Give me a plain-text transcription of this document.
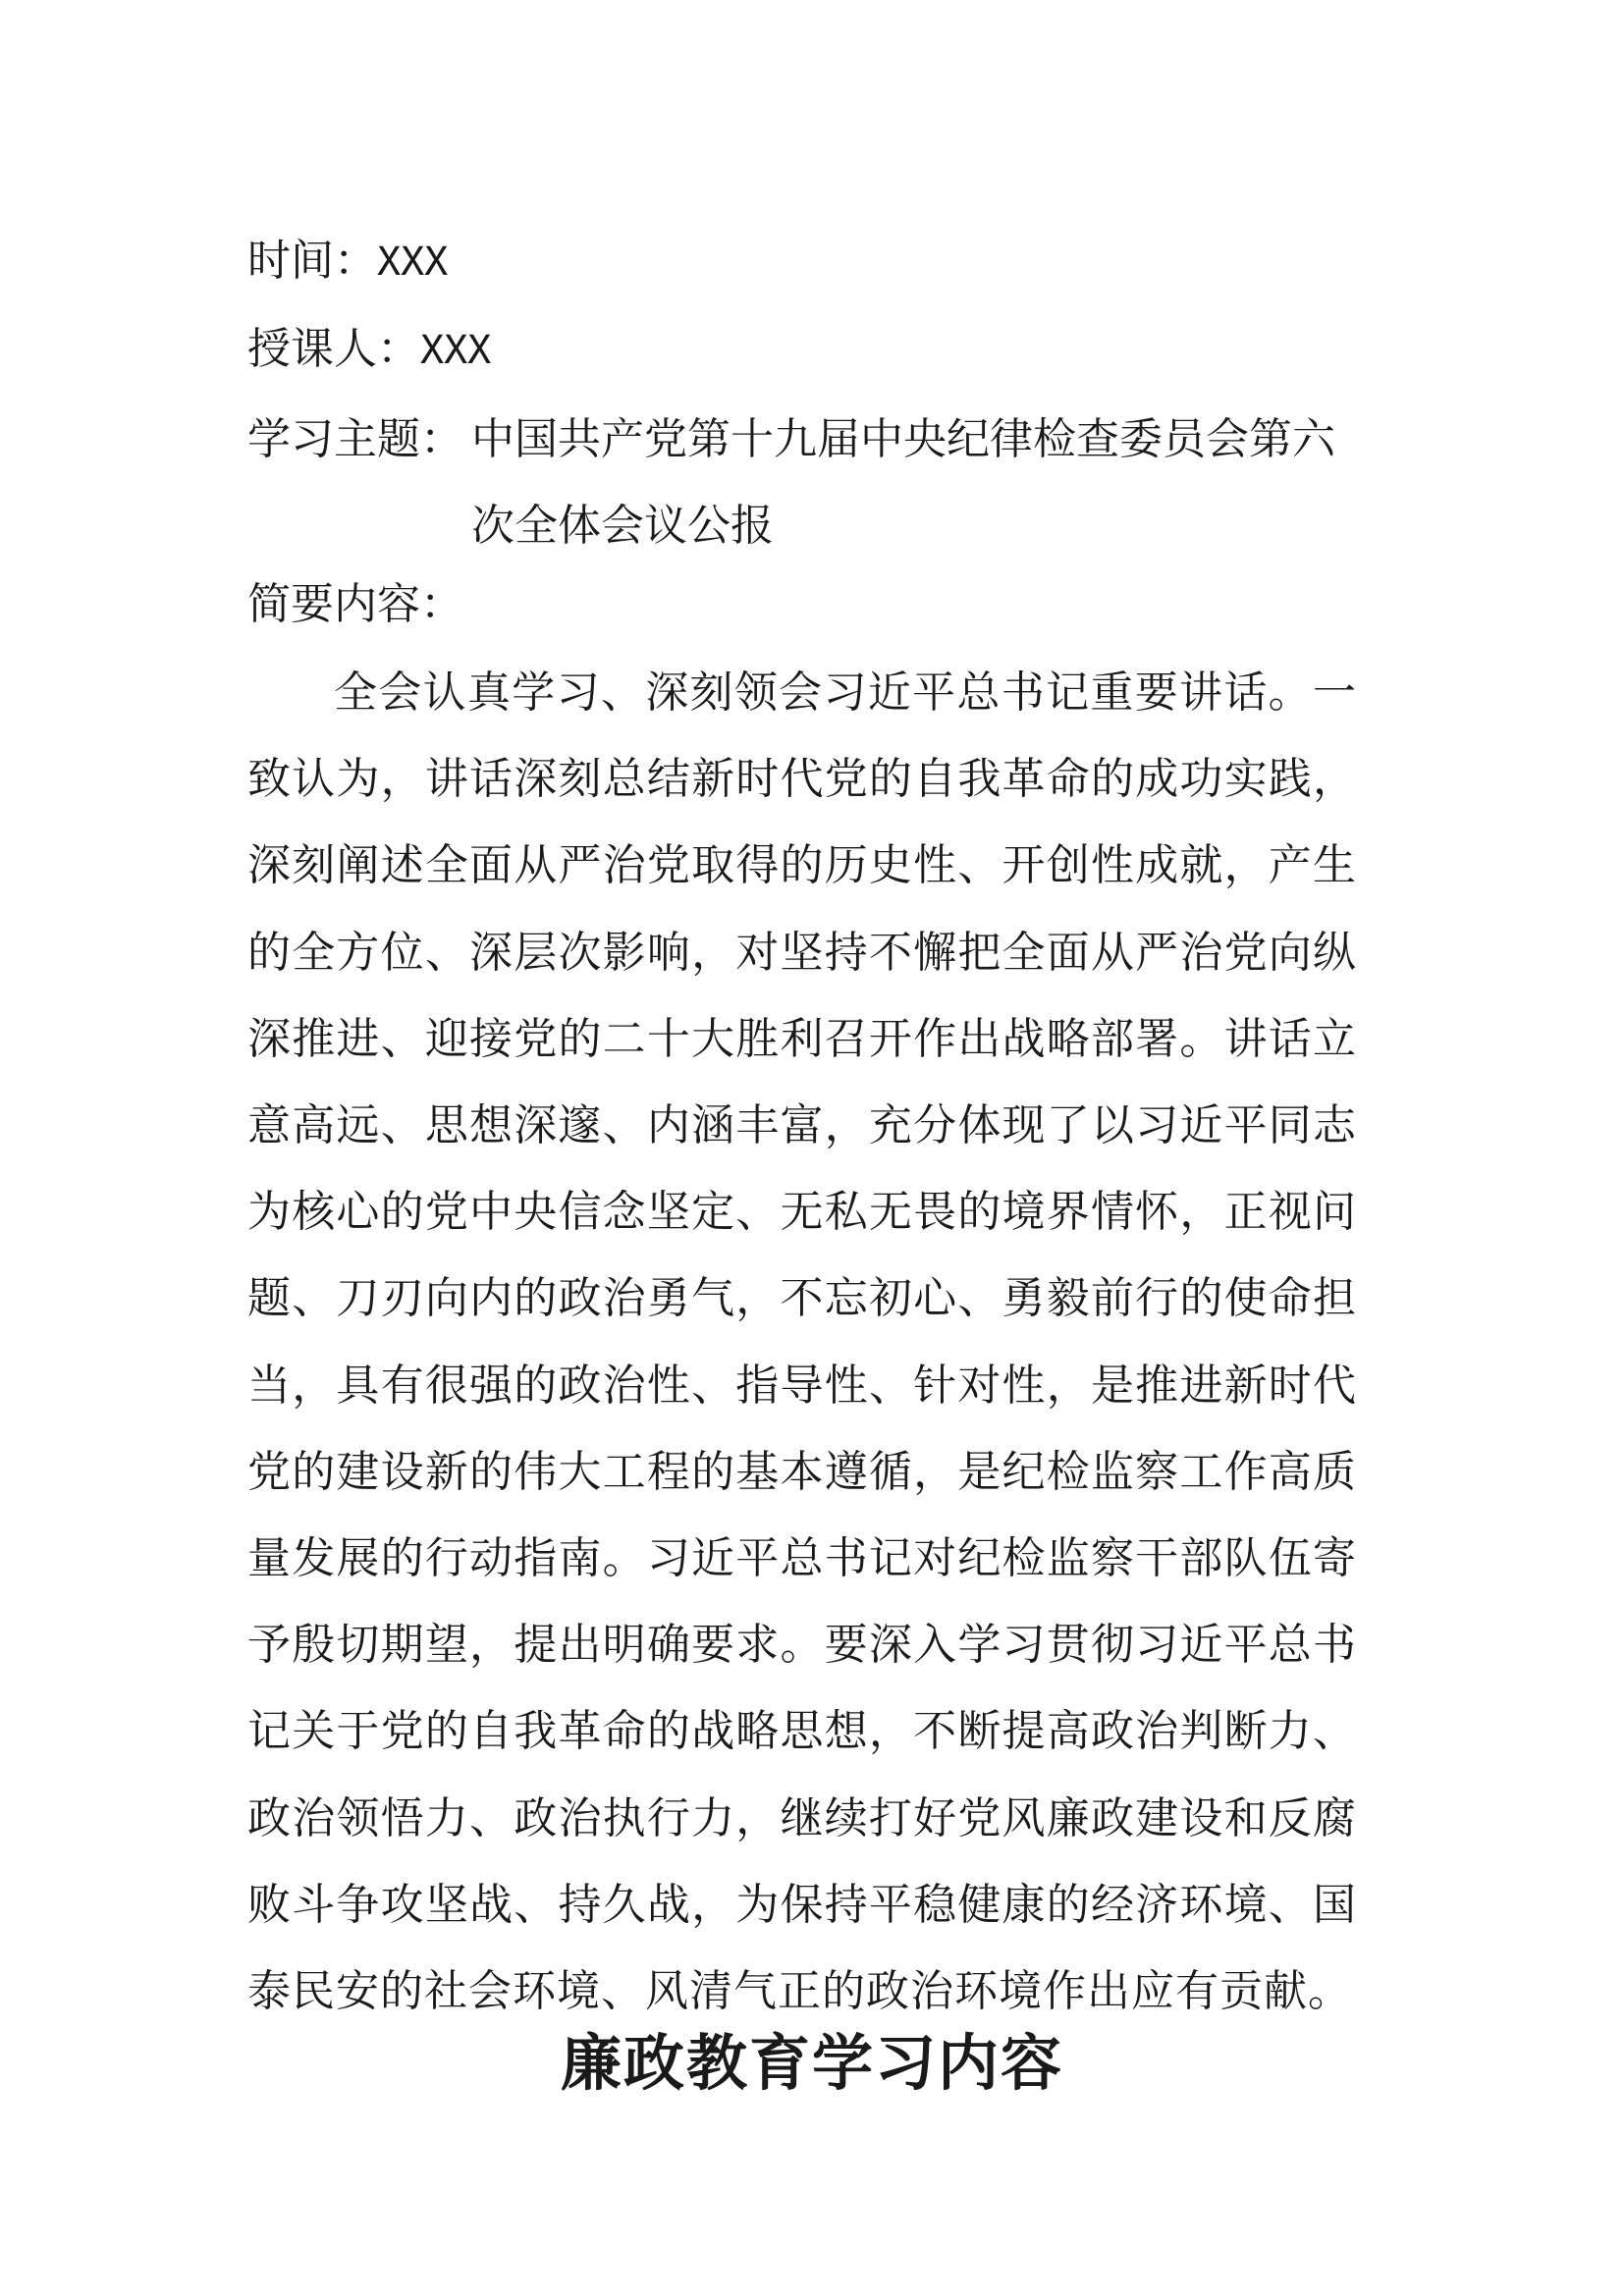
时间：XXX
授课人：XXX
学习主题： 中国共产党第十九届中央纪律检查委员会第六次全体会议公报
简要内容：
全会认真学习、深刻领会习近平总书记重要讲话。一致认为，讲话深刻总结新时代党的自我革命的成功实践，深刻阐述全面从严治党取得的历史性、开创性成就，产生的全方位、深层次影响，对坚持不懈把全面从严治党向纵深推进、迎接党的二十大胜利召开作出战略部署。讲话立意高远、思想深邃、内涵丰富，充分体现了以习近平同志为核心的党中央信念坚定、无私无畏的境界情怀，正视问题、刀刃向内的政治勇气，不忘初心、勇毅前行的使命担当，具有很强的政治性、指导性、针对性，是推进新时代党的建设新的伟大工程的基本遵循，是纪检监察工作高质量发展的行动指南。习近平总书记对纪检监察干部队伍寄予殷切期望，提出明确要求。要深入学习贯彻习近平总书记关于党的自我革命的战略思想，不断提高政治判断力、政治领悟力、政治执行力，继续打好党风廉政建设和反腐败斗争攻坚战、持久战，为保持平稳健康的经济环境、国泰民安的社会环境、风清气正的政治环境作出应有贡献。
廉政教育学习内容
